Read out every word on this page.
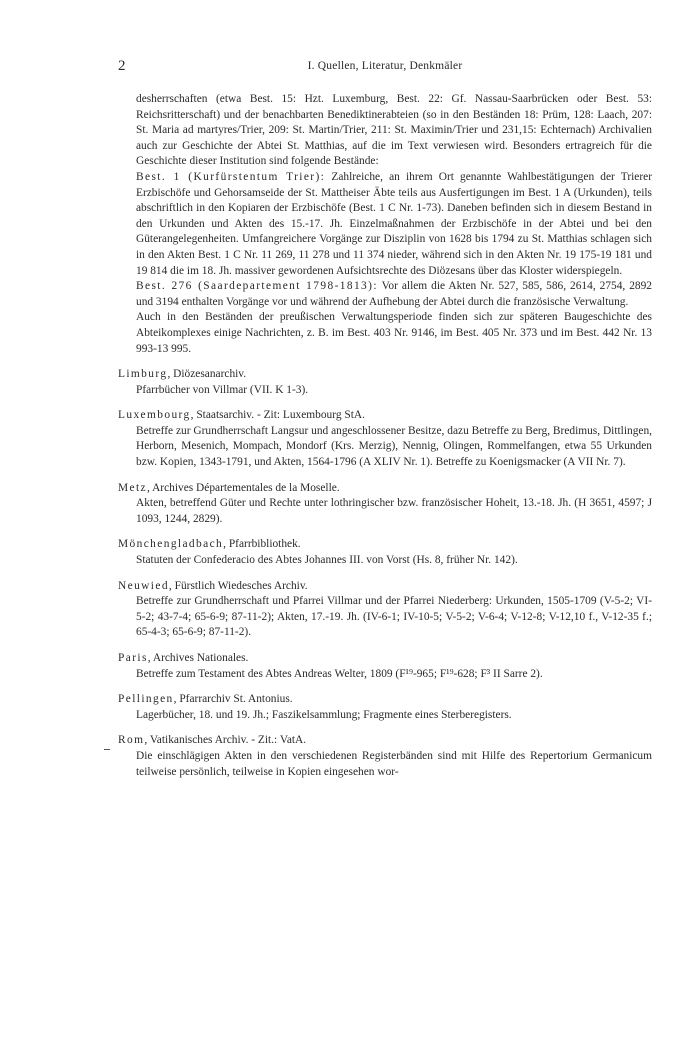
2	I. Quellen, Literatur, Denkmäler

desherrschaften (etwa Best. 15: Hzt. Luxemburg, Best. 22: Gf. Nassau-Saarbrücken oder Best. 53: Reichsritterschaft) und der benachbarten Benediktinerabteien (so in den Beständen 18: Prüm, 128: Laach, 207: St. Maria ad martyres/Trier, 209: St. Martin/Trier, 211: St. Maximin/Trier und 231,15: Echternach) Archivalien auch zur Geschichte der Abtei St. Matthias, auf die im Text verwiesen wird. Besonders ertragreich für die Geschichte dieser Institution sind folgende Bestände:

Best. 1 (Kurfürstentum Trier): Zahlreiche, an ihrem Ort genannte Wahlbestätigungen der Trierer Erzbischöfe und Gehorsamseide der St. Mattheiser Äbte teils aus Ausfertigungen im Best. 1 A (Urkunden), teils abschriftlich in den Kopiaren der Erzbischöfe (Best. 1 C Nr. 1-73). Daneben befinden sich in diesem Bestand in den Urkunden und Akten des 15.-17. Jh. Einzelmaßnahmen der Erzbischöfe in der Abtei und bei den Güterangelegenheiten. Umfangreichere Vorgänge zur Disziplin von 1628 bis 1794 zu St. Matthias schlagen sich in den Akten Best. 1 C Nr. 11 269, 11 278 und 11 374 nieder, während sich in den Akten Nr. 19 175-19 181 und 19 814 die im 18. Jh. massiver gewordenen Aufsichtsrechte des Diözesans über das Kloster widerspiegeln.

Best. 276 (Saardepartement 1798-1813): Vor allem die Akten Nr. 527, 585, 586, 2614, 2754, 2892 und 3194 enthalten Vorgänge vor und während der Aufhebung der Abtei durch die französische Verwaltung.

Auch in den Beständen der preußischen Verwaltungsperiode finden sich zur späteren Baugeschichte des Abteikomplexes einige Nachrichten, z. B. im Best. 403 Nr. 9146, im Best. 405 Nr. 373 und im Best. 442 Nr. 13 993-13 995.

Limburg, Diözesanarchiv.

Pfarrbücher von Villmar (VII. K 1-3).

Luxembourg, Staatsarchiv. - Zit: Luxembourg StA.

Betreffe zur Grundherrschaft Langsur und angeschlossener Besitze, dazu Betreffe zu Berg, Bredimus, Dittlingen, Herborn, Mesenich, Mompach, Mondorf (Krs. Merzig), Nennig, Olingen, Rommelfangen, etwa 55 Urkunden bzw. Kopien, 1343-1791, und Akten, 1564-1796 (A XLIV Nr. 1). Betreffe zu Koenigsmacker (A VII Nr. 7).

Metz, Archives Départementales de la Moselle.

Akten, betreffend Güter und Rechte unter lothringischer bzw. französischer Hoheit, 13.-18. Jh. (H 3651, 4597; J 1093, 1244, 2829).

Mönchengladbach, Pfarrbibliothek.

Statuten der Confederacio des Abtes Johannes III. von Vorst (Hs. 8, früher Nr. 142).

Neuwied, Fürstlich Wiedesches Archiv.

Betreffe zur Grundherrschaft und Pfarrei Villmar und der Pfarrei Niederberg: Urkunden, 1505-1709 (V-5-2; VI-5-2; 43-7-4; 65-6-9; 87-11-2); Akten, 17.-19. Jh. (IV-6-1; IV-10-5; V-5-2; V-6-4; V-12-8; V-12,10 f., V-12-35 f.; 65-4-3; 65-6-9; 87-11-2).

Paris, Archives Nationales.

Betreffe zum Testament des Abtes Andreas Welter, 1809 (F¹⁹-965; F¹⁹-628; F³ II Sarre 2).

Pellingen, Pfarrarchiv St. Antonius.

Lagerbücher, 18. und 19. Jh.; Faszikelsammlung; Fragmente eines Sterberegisters.

Rom, Vatikanisches Archiv. - Zit.: VatA.

Die einschlägigen Akten in den verschiedenen Registerbänden sind mit Hilfe des Repertorium Germanicum teilweise persönlich, teilweise in Kopien eingesehen wor-
